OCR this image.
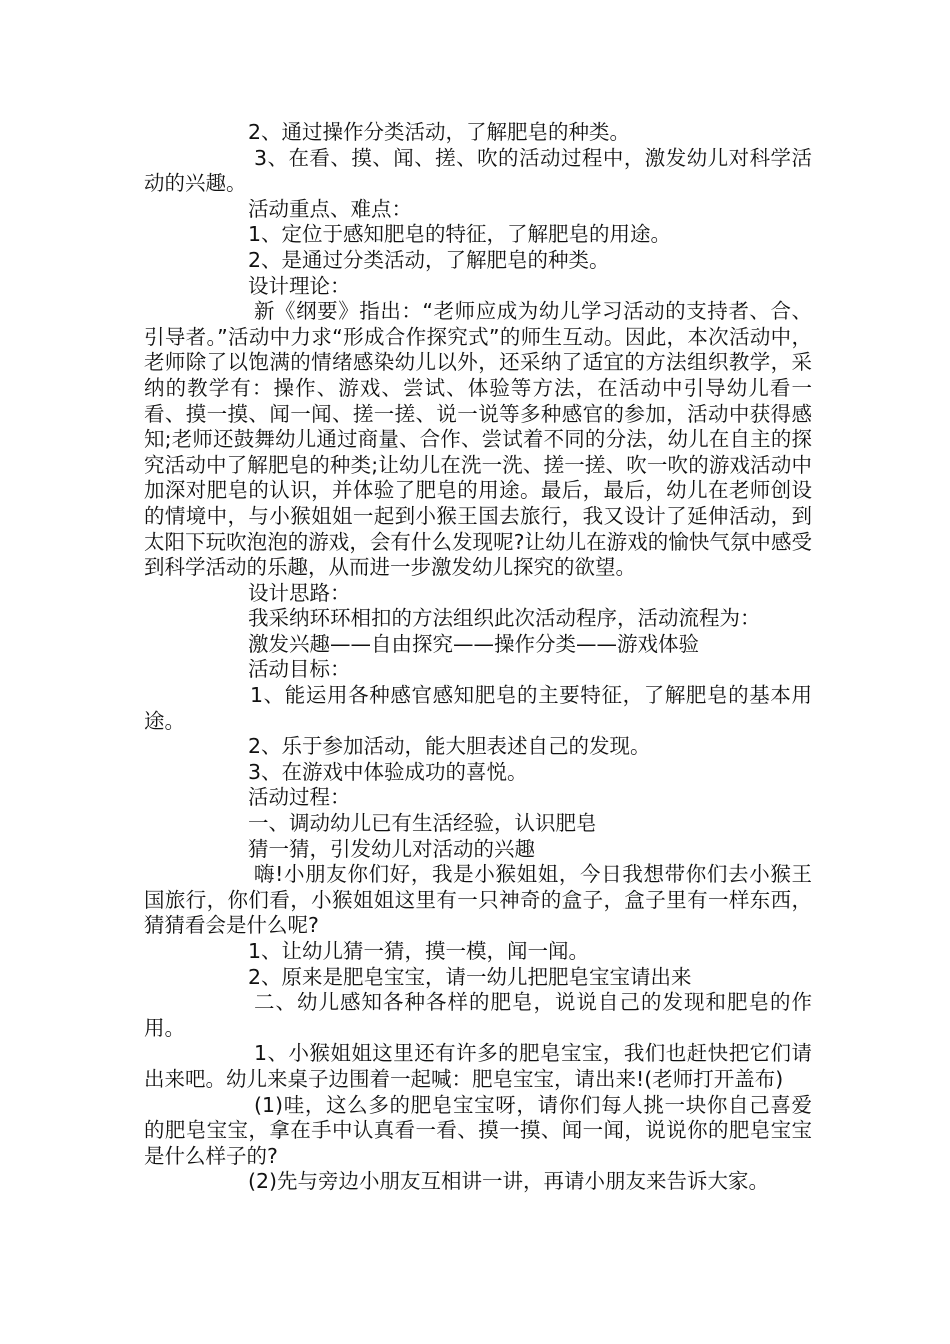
2、通过操作分类活动，了解肥皂的种类。

3、在看、摸、闻、搓、吹的活动过程中，激发幼儿对科学活动的兴趣。

活动重点、难点：

1、定位于感知肥皂的特征，了解肥皂的用途。

2、是通过分类活动，了解肥皂的种类。

设计理论：

新《纲要》指出：“老师应成为幼儿学习活动的支持者、合、引导者。”活动中力求“形成合作探究式”的师生互动。因此，本次活动中，老师除了以饱满的情绪感染幼儿以外，还采纳了适宜的方法组织教学，采纳的教学有：操作、游戏、尝试、体验等方法，在活动中引导幼儿看一看、摸一摸、闻一闻、搓一搓、说一说等多种感官的参加，活动中获得感知;老师还鼓舞幼儿通过商量、合作、尝试着不同的分法，幼儿在自主的探究活动中了解肥皂的种类;让幼儿在洗一洗、搓一搓、吹一吹的游戏活动中加深对肥皂的认识，并体验了肥皂的用途。最后，最后，幼儿在老师创设的情境中，与小猴姐姐一起到小猴王国去旅行，我又设计了延伸活动，到太阳下玩吹泡泡的游戏，会有什么发现呢?让幼儿在游戏的愉快气氛中感受到科学活动的乐趣，从而进一步激发幼儿探究的欲望。

设计思路：

我采纳环环相扣的方法组织此次活动程序，活动流程为：

激发兴趣——自由探究——操作分类——游戏体验

活动目标：

1、能运用各种感官感知肥皂的主要特征，了解肥皂的基本用途。

2、乐于参加活动，能大胆表述自己的发现。

3、在游戏中体验成功的喜悦。

活动过程：

一、调动幼儿已有生活经验，认识肥皂

猜一猜，引发幼儿对活动的兴趣

嗨!小朋友你们好，我是小猴姐姐，今日我想带你们去小猴王国旅行，你们看，小猴姐姐这里有一只神奇的盒子，盒子里有一样东西，猜猜看会是什么呢?

1、让幼儿猜一猜，摸一模，闻一闻。

2、原来是肥皂宝宝，请一幼儿把肥皂宝宝请出来

二、幼儿感知各种各样的肥皂，说说自己的发现和肥皂的作用。

1、小猴姐姐这里还有许多的肥皂宝宝，我们也赶快把它们请出来吧。幼儿来桌子边围着一起喊：肥皂宝宝，请出来!(老师打开盖布)

(1)哇，这么多的肥皂宝宝呀，请你们每人挑一块你自己喜爱的肥皂宝宝，拿在手中认真看一看、摸一摸、闻一闻，说说你的肥皂宝宝是什么样子的?

(2)先与旁边小朋友互相讲一讲，再请小朋友来告诉大家。
